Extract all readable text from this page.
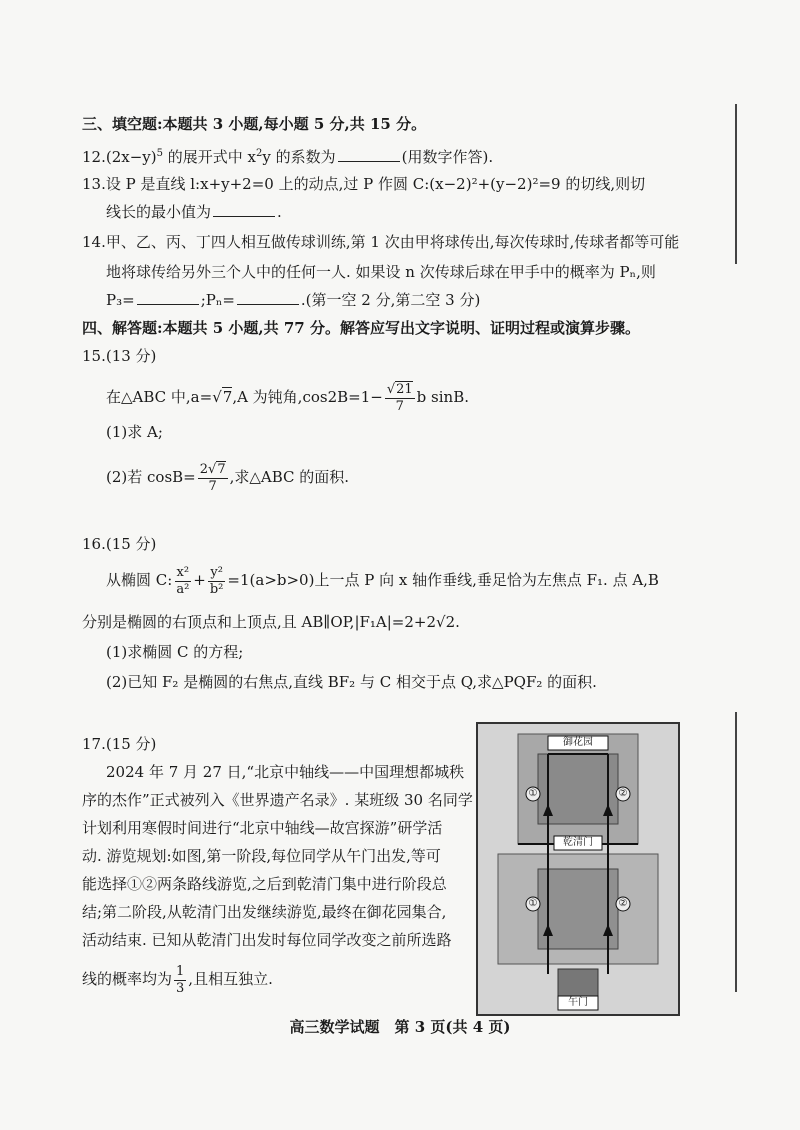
三、填空题:本题共 3 小题,每小题 5 分,共 15 分。
$12.(2x-y)^5$ 的展开式中 $x^2y$ 的系数为	(用数字作答).
13.设 P 是直线 l:x+y+2=0 上的动点,过 P 作圆 C:(x−2)²+(y−2)²=9 的切线,则切
线长的最小值为	.
14.甲、乙、丙、丁四人相互做传球训练,第 1 次由甲将球传出,每次传球时,传球者都等可能
地将球传给另外三个人中的任何一人. 如果设 n 次传球后球在甲手中的概率为 Pₙ,则
P₃=	;Pₙ=	.(第一空 2 分,第二空 3 分)
四、解答题:本题共 5 小题,共 77 分。解答应写出文字说明、证明过程或演算步骤。
15.(13 分)
在△ABC 中,a=√7,A 为钝角$,\cos 2B=1- \frac{√21}{7}$ b sinB.
(1)求 A;
(2)若 $\cos B= \frac{2√7}{7}$ ,求△ABC 的面积.
16.(15 分)
从椭圆 C: $\frac{\text{x²}}{\text{a²}} + \frac{\text{y²}}{\text{b²}} =1(a>b>0)$上一点 P 向 x 轴作垂线,垂足恰为左焦点 F₁. 点 A,B
分别是椭圆的右顶点和上顶点,且 AB∥OP,|F₁A|=2+2√2.
(1)求椭圆 C 的方程;
(2)已知 F₂ 是椭圆的右焦点,直线 BF₂ 与 C 相交于点 Q,求△PQF₂ 的面积.
17.(15 分)
2024 年 7 月 27 日,“北京中轴线——中国理想都城秩
序的杰作”正式被列入《世界遗产名录》. 某班级 30 名同学
计划利用寒假时间进行“北京中轴线—故宫探游”研学活
动. 游览规划:如图,第一阶段,每位同学从午门出发,等可
能选择①②两条路线游览,之后到乾清门集中进行阶段总
结;第二阶段,从乾清门出发继续游览,最终在御花园集合,
活动结束. 已知从乾清门出发时每位同学改变之前所选路
线的概率均为 $\frac{1}{3}$ ,且相互独立.
御花园
乾清门
午门
①	②
①	②
高三数学试题　第 3 页(共 4 页)
